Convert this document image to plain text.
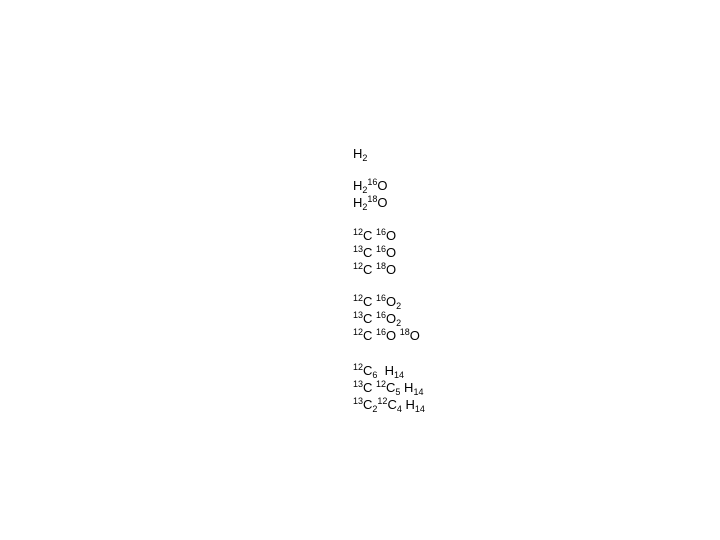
$H_2$
$H_2^{16}O$
$H_2^{18}O$
$^{12}$C $^{16}$O
$^{13}$C $^{16}$O
$^{12}$C $^{18}$O
$^{12}$C $^{16}O_2$
$^{13}$C $^{16}O_2$
$^{12}$C $^{16}$O $^{18}$O
$^{12}C_6$  $H_{14}$
$^{13}$C $^{12}C_5$ $H_{14}$
$^{13}C_2^{12}C_4$ $H_{14}$
